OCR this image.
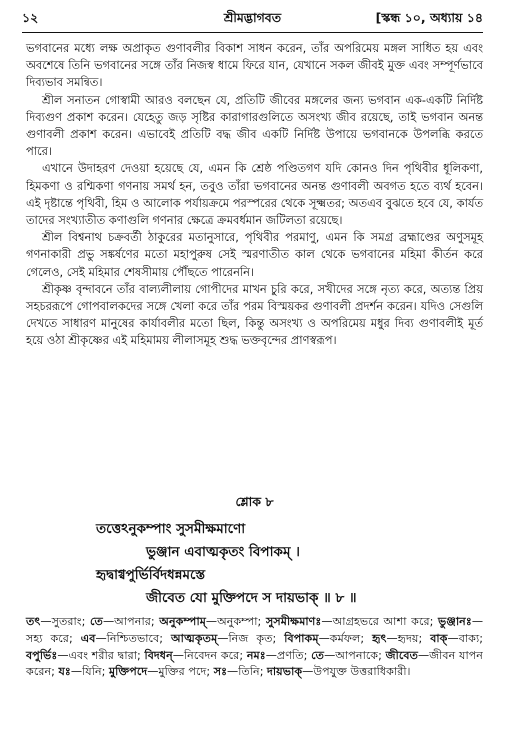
১২	শ্রীমদ্ভাগবত	[স্কন্ধ ১০, অধ্যায় ১৪

ভগবানের মধ্যে লক্ষ অপ্রাকৃত গুণাবলীর বিকাশ সাধন করেন, তাঁর অপরিমেয় মঙ্গল সাধিত হয় এবং অবশেষে তিনি ভগবানের সঙ্গে তাঁর নিজস্ব ধামে ফিরে যান, যেখানে সকল জীবই মুক্ত এবং সম্পূর্ণভাবে দিব্যভাব সমন্বিত।

শ্রীল সনাতন গোস্বামী আরও বলছেন যে, প্রতিটি জীবের মঙ্গলের জন্য ভগবান এক-একটি নির্দিষ্ট দিব্যগুণ প্রকাশ করেন। যেহেতু জড় সৃষ্টির কারাগারগুলিতে অসংখ্য জীব রয়েছে, তাই ভগবান অনন্ত গুণাবলী প্রকাশ করেন। এভাবেই প্রতিটি বদ্ধ জীব একটি নির্দিষ্ট উপায়ে ভগবানকে উপলব্ধি করতে পারে।

এখানে উদাহরণ দেওয়া হয়েছে যে, এমন কি শ্রেষ্ঠ পণ্ডিতগণ যদি কোনও দিন পৃথিবীর ধূলিকণা, হিমকণা ও রশ্মিকণা গণনায় সমর্থ হন, তবুও তাঁরা ভগবানের অনন্ত গুণাবলী অবগত হতে ব্যর্থ হবেন। এই দৃষ্টান্তে পৃথিবী, হিম ও আলোক পর্যায়ক্রমে পরস্পরের থেকে সূক্ষ্মতর; অতএব বুঝতে হবে যে, কার্যত তাদের সংখ্যাতীত কণাগুলি গণনার ক্ষেত্রে ক্রমবর্ধমান জটিলতা রয়েছে।

শ্রীল বিশ্বনাথ চক্রবর্তী ঠাকুরের মতানুসারে, পৃথিবীর পরমাণু, এমন কি সমগ্র ব্রহ্মাণ্ডের অণুসমূহ গণনাকারী প্রভু সঙ্কর্ষণের মতো মহাপুরুষ সেই স্মরণাতীত কাল থেকে ভগবানের মহিমা কীর্তন করে গেলেও, সেই মহিমার শেষসীমায় পৌঁছতে পারেননি।

শ্রীকৃষ্ণ বৃন্দাবনে তাঁর বাল্যলীলায় গোপীদের মাখন চুরি করে, সখীদের সঙ্গে নৃত্য করে, অত্যন্ত প্রিয় সহচররূপে গোপবালকদের সঙ্গে খেলা করে তাঁর পরম বিস্ময়কর গুণাবলী প্রদর্শন করেন। যদিও সেগুলি দেখতে সাধারণ মানুষের কার্যাবলীর মতো ছিল, কিন্তু অসংখ্য ও অপরিমেয় মধুর দিব্য গুণাবলীই মূর্ত হয়ে ওঠা শ্রীকৃষ্ণের এই মহিমাময় লীলাসমূহ শুদ্ধ ভক্তবৃন্দের প্রাণস্বরূপ।

শ্লোক ৮
তত্তেঽনুকম্পাং সুসমীক্ষমাণো
ভুঞ্জান এবাত্মকৃতং বিপাকম্ ।
হৃদ্বাগ্বপুর্ভির্বিদধন্নমস্তে
জীবেত যো মুক্তিপদে স দায়ভাক্ ॥ ৮ ॥
তৎ—সুতরাং; তে—আপনার; অনুকম্পাম্—অনুকম্পা; সুসমীক্ষমাণঃ—আগ্রহভরে আশা করে; ভুঞ্জানঃ—সহ্য করে; এব—নিশ্চিতভাবে; আত্মকৃতম্—নিজ কৃত; বিপাকম্—কর্মফল; হৃৎ—হৃদয়; বাক্—বাক্য; বপুর্ভিঃ—এবং শরীর দ্বারা; বিদধন্—নিবেদন করে; নমঃ—প্রণতি; তে—আপনাকে; জীবেত—জীবন যাপন করেন; যঃ—যিনি; মুক্তিপদে—মুক্তির পদে; সঃ—তিনি; দায়ভাক্—উপযুক্ত উত্তরাধিকারী।
